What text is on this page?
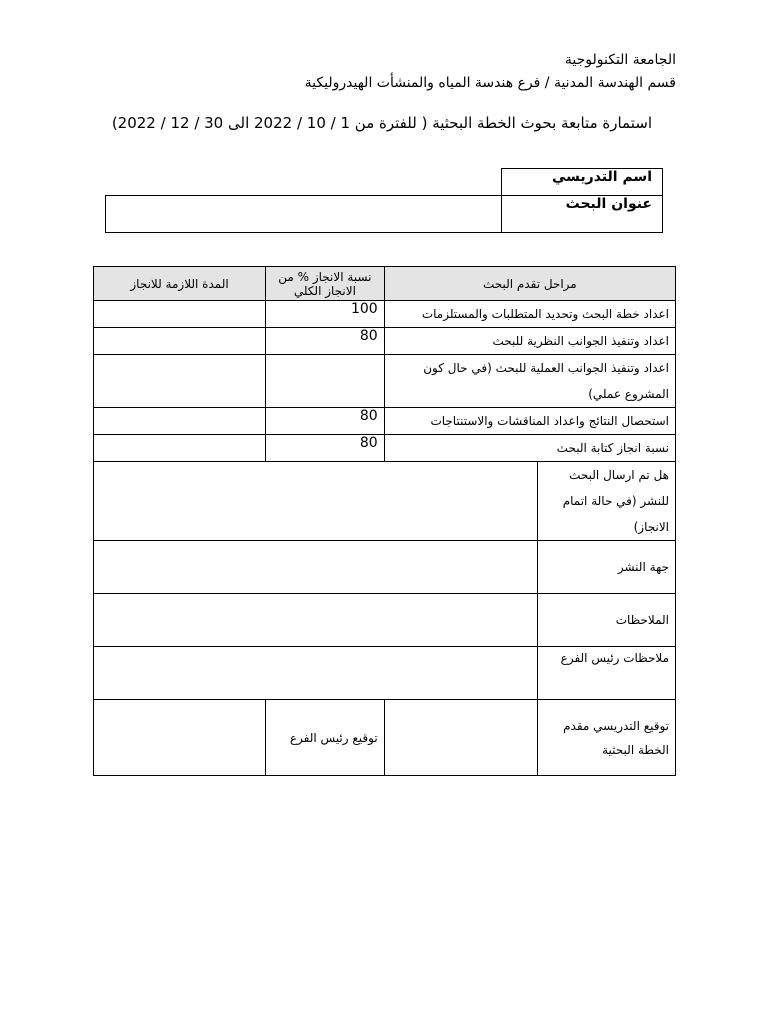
الجامعة التكنولوجية
قسم الهندسة المدنية / فرع هندسة المياه والمنشأت الهيدروليكية
استمارة متابعة بحوث الخطة البحثية ( للفترة من 1 / 10 / 2022 الى 30 / 12 / 2022)
	اسم التدريسي
	عنوان البحث
المدة اللازمة للانجاز	نسبة الانجاز % من الانجاز الكلي	مراحل تقدم البحث	
	100	اعداد خطة البحث وتحديد المتطلبات والمستلزمات	
	80	اعداد وتنفيذ الجوانب النظرية للبحث	
		اعداد وتنفيذ الجوانب العملية للبحث (في حال كون المشروع عملي)	
	80	استحصال النتائج واعداد المناقشات والاستنتاجات	
	80	نسبة انجاز كتابة البحث	
			هل تم ارسال البحث للنشر (في حالة اتمام الانجاز)
			جهة النشر
			الملاحظات
			ملاحظات رئيس الفرع
	توقيع رئيس الفرع		توقيع التدريسي مقدم الخطة البحثية
